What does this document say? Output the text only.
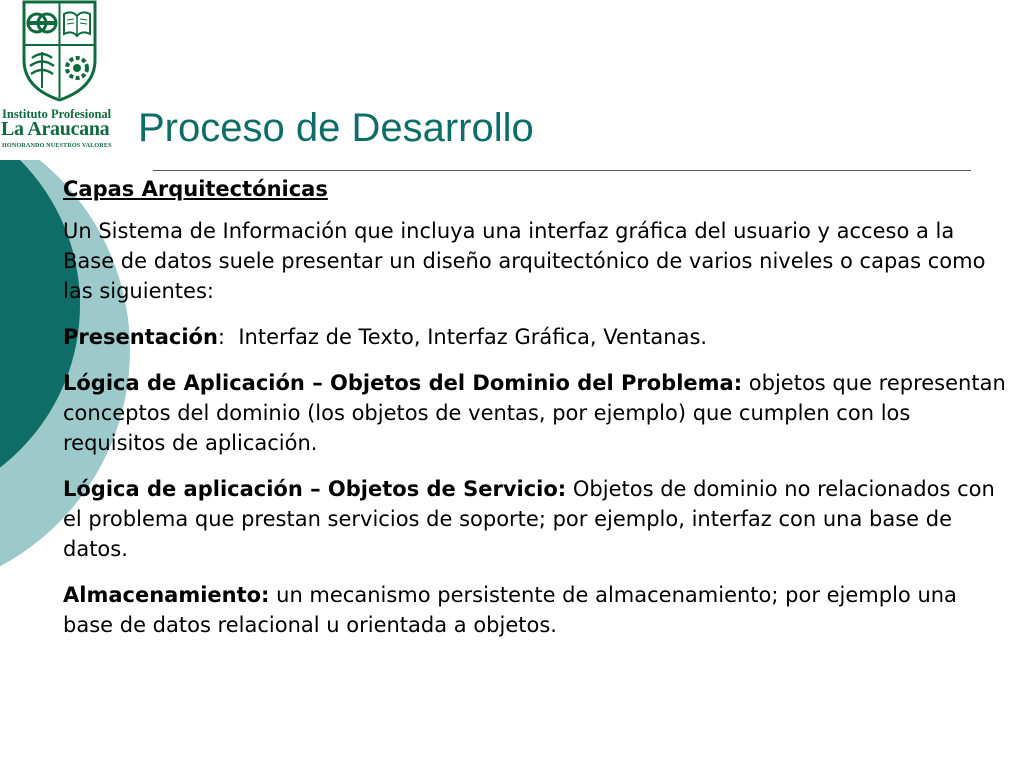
Instituto Profesional
La Araucana
HONORANDO NUESTROS VALORES Proceso de Desarrollo

Capas Arquitectónicas

Un Sistema de Información que incluya una interfaz gráfica del usuario y acceso a la Base de datos suele presentar un diseño arquitectónico de varios niveles o capas como las siguientes:

Presentación:  Interfaz de Texto, Interfaz Gráfica, Ventanas.

Lógica de Aplicación – Objetos del Dominio del Problema: objetos que representan conceptos del dominio (los objetos de ventas, por ejemplo) que cumplen con los requisitos de aplicación.

Lógica de aplicación – Objetos de Servicio: Objetos de dominio no relacionados con el problema que prestan servicios de soporte; por ejemplo, interfaz con una base de datos.

Almacenamiento: un mecanismo persistente de almacenamiento; por ejemplo una base de datos relacional u orientada a objetos.
